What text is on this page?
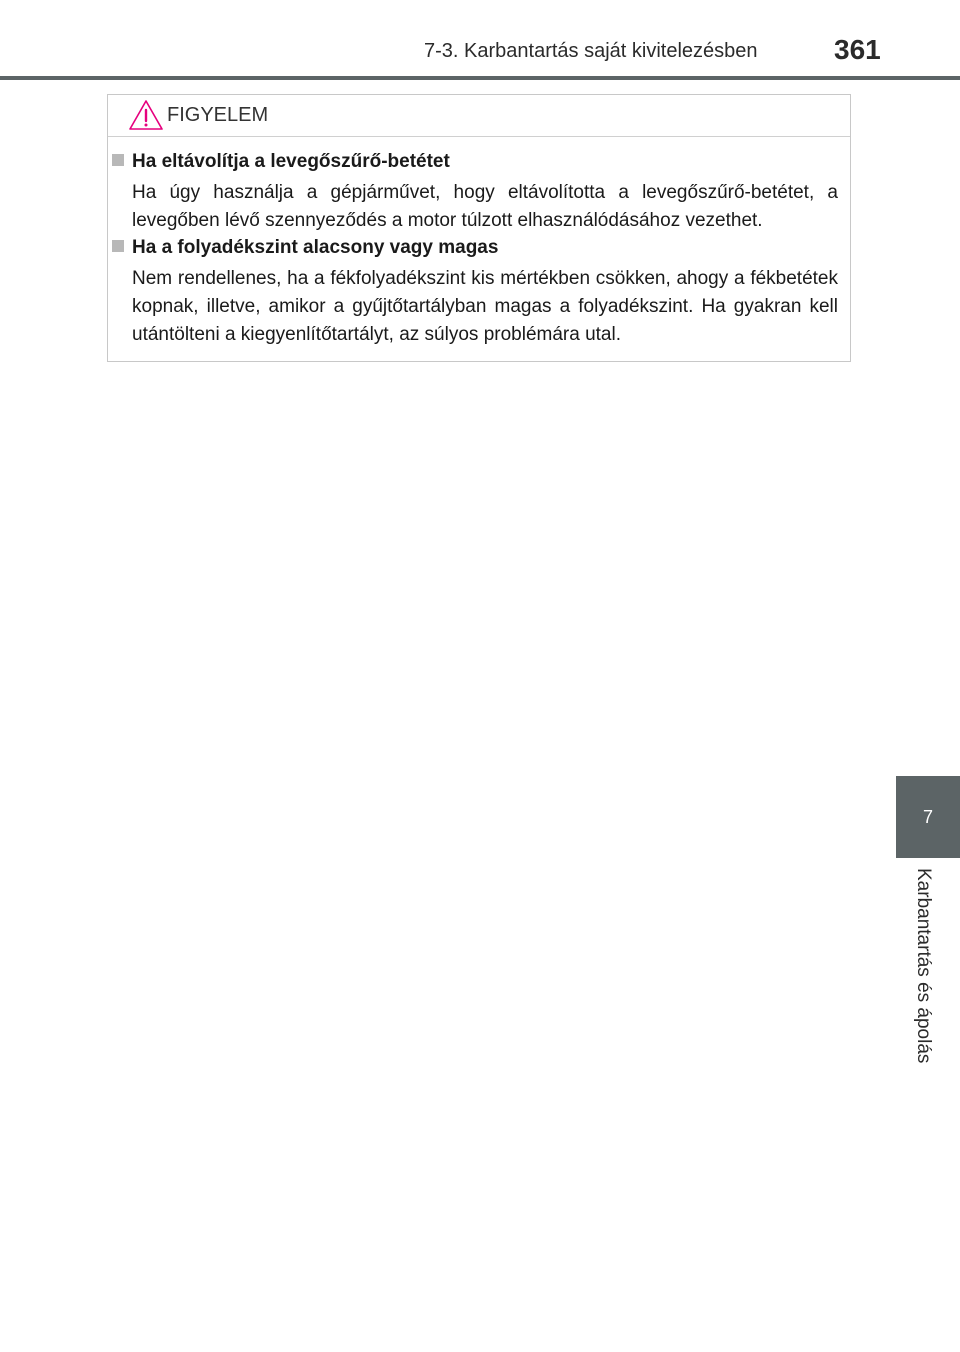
7-3. Karbantartás saját kivitelezésben	361
FIGYELEM
Ha eltávolítja a levegőszűrő-betétet
Ha úgy használja a gépjárművet, hogy eltávolította a levegőszűrő-betétet, a levegőben lévő szennyeződés a motor túlzott elhasználódásához vezethet.
Ha a folyadékszint alacsony vagy magas
Nem rendellenes, ha a fékfolyadékszint kis mértékben csökken, ahogy a fékbetétek kopnak, illetve, amikor a gyűjtőtartályban magas a folyadékszint. Ha gyakran kell utántölteni a kiegyenlítőtartályt, az súlyos problémára utal.
7
Karbantartás és ápolás
